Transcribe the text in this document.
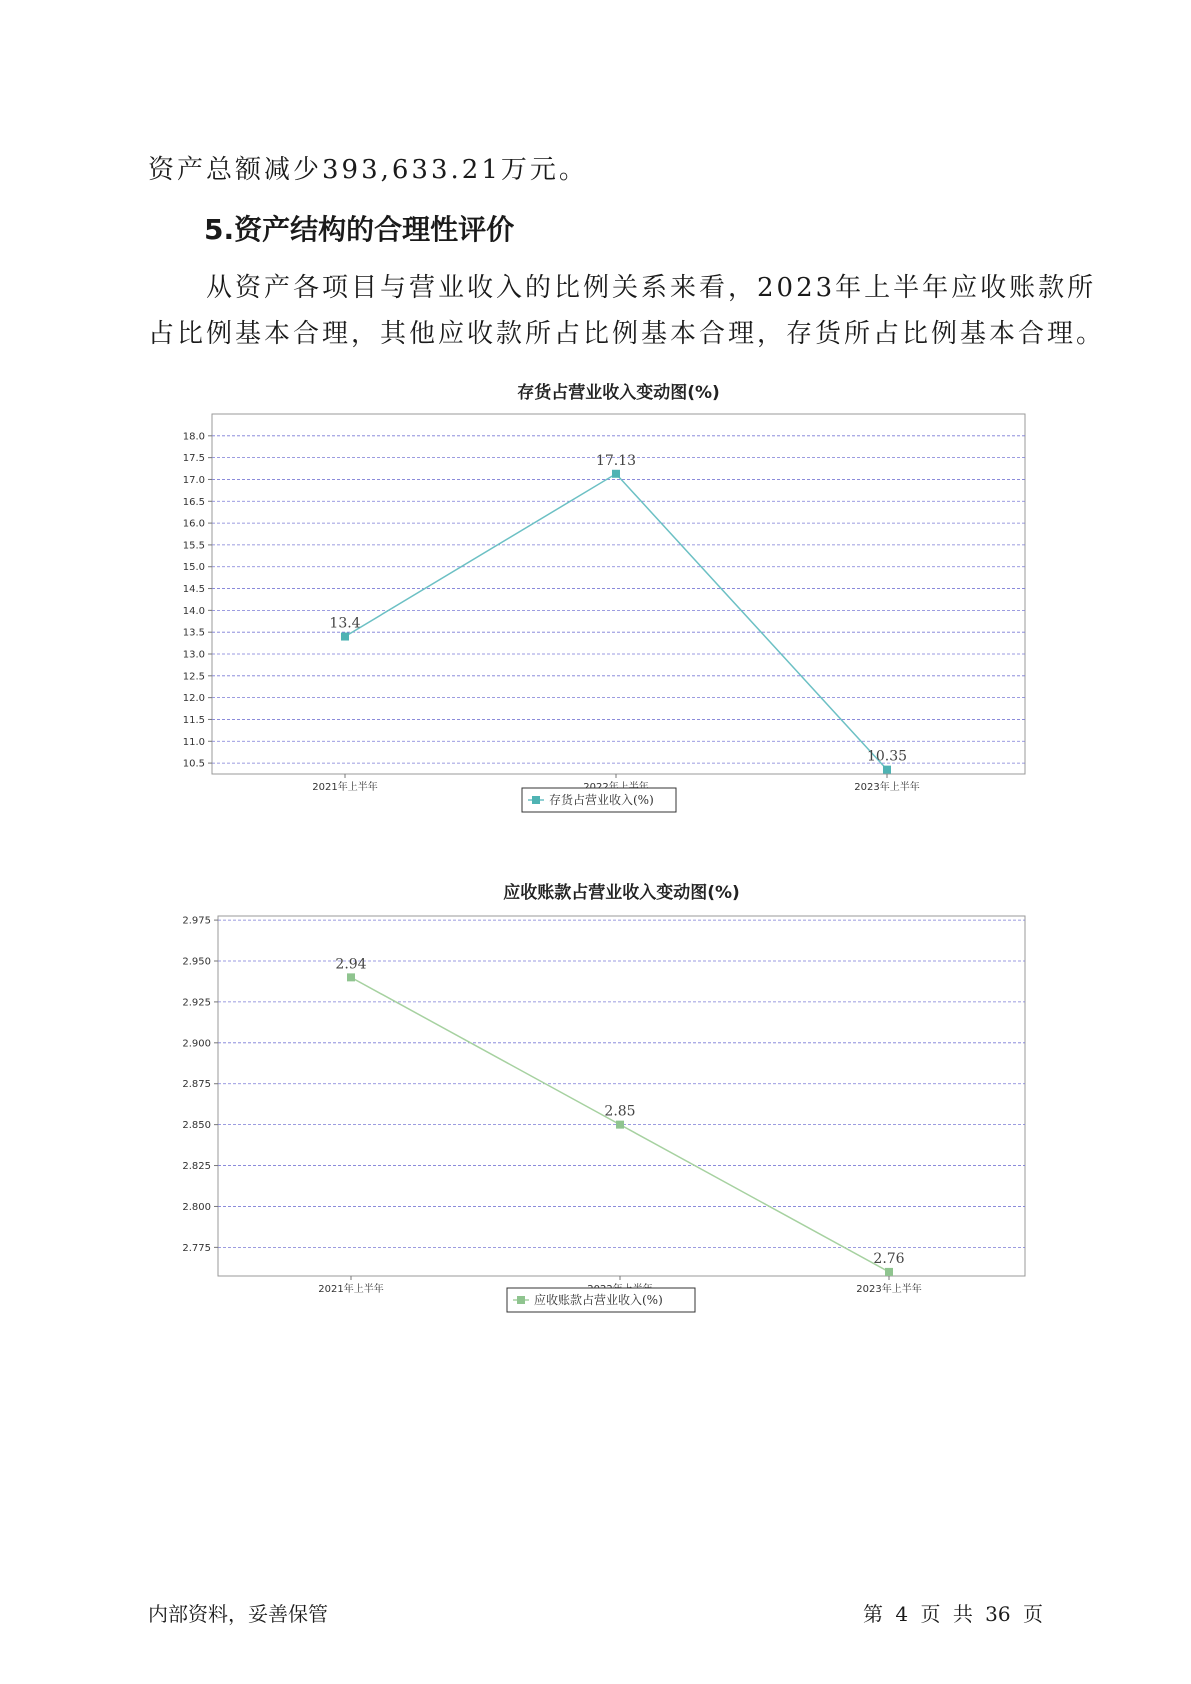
资产总额减少393,633.21万元。

5.资产结构的合理性评价

从资产各项目与营业收入的比例关系来看，2023年上半年应收账款所

占比例基本合理，其他应收款所占比例基本合理，存货所占比例基本合理。

存货占营业收入变动图(%)
18.0
17.5
17.0
16.5
16.0
15.5
15.0
14.5
14.0
13.5
13.0
12.5
12.0
11.5
11.0
10.5
2021年上半年	2023年上半年
13.4
17.13
10.35
存货占营业收入(%)
应收账款占营业收入变动图(%)
2.975
2.950
2.925
2.900
2.875
2.850
2.825
2.800
2.775
2021年上半年	2023年上半年
2.94
2.85
2.76
应收账款占营业收入(%)

内部资料，妥善保管	第 4 页 共 36 页
